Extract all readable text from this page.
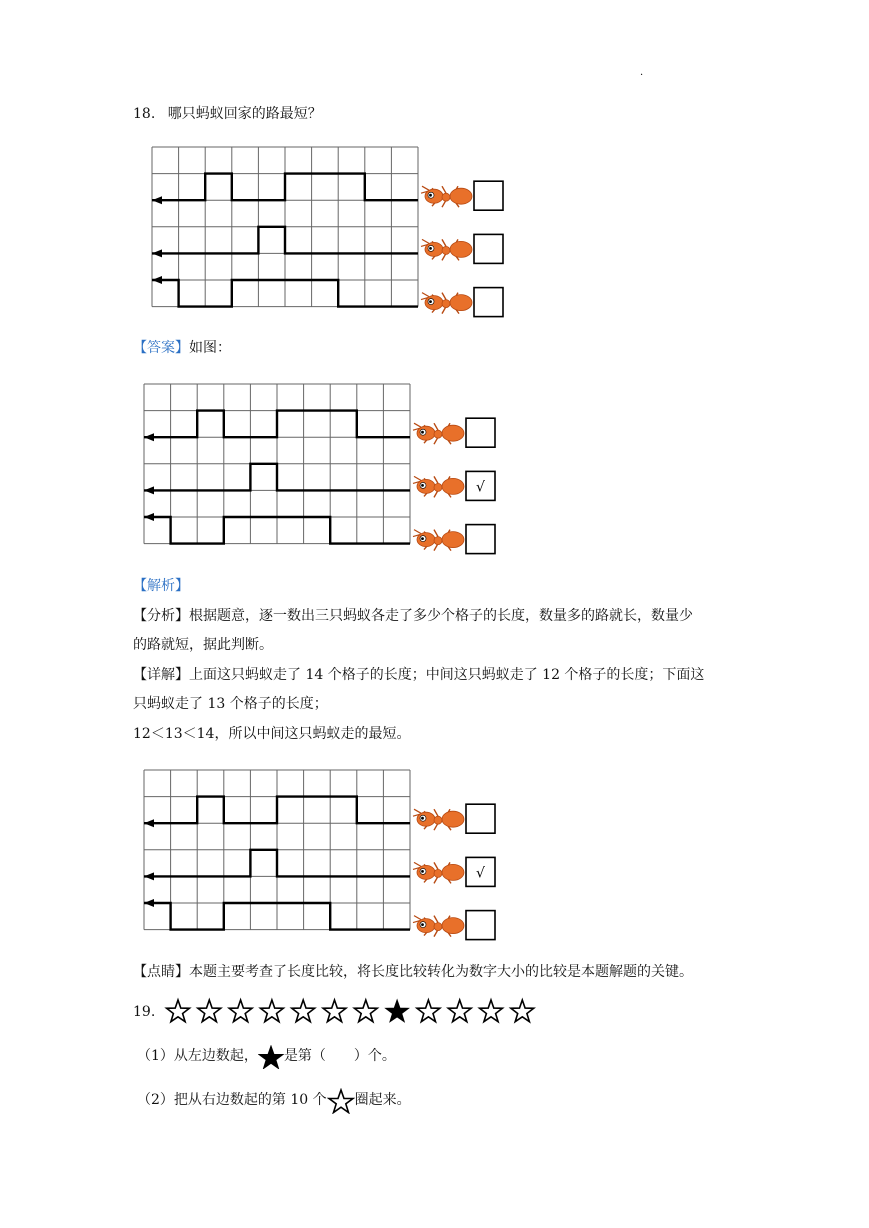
·
18. 哪只蚂蚁回家的路最短？
【答案】如图：
√
【解析】
【分析】根据题意，逐一数出三只蚂蚁各走了多少个格子的长度，数量多的路就长，数量少
的路就短，据此判断。
【详解】上面这只蚂蚁走了 14 个格子的长度；中间这只蚂蚁走了 12 个格子的长度；下面这
只蚂蚁走了 13 个格子的长度；
12＜13＜14，所以中间这只蚂蚁走的最短。
√
【点睛】本题主要考查了长度比较，将长度比较转化为数字大小的比较是本题解题的关键。
19.
（1）从左边数起， 是第（　　）个。
（2）把从右边数起的第 10 个 圈起来。
